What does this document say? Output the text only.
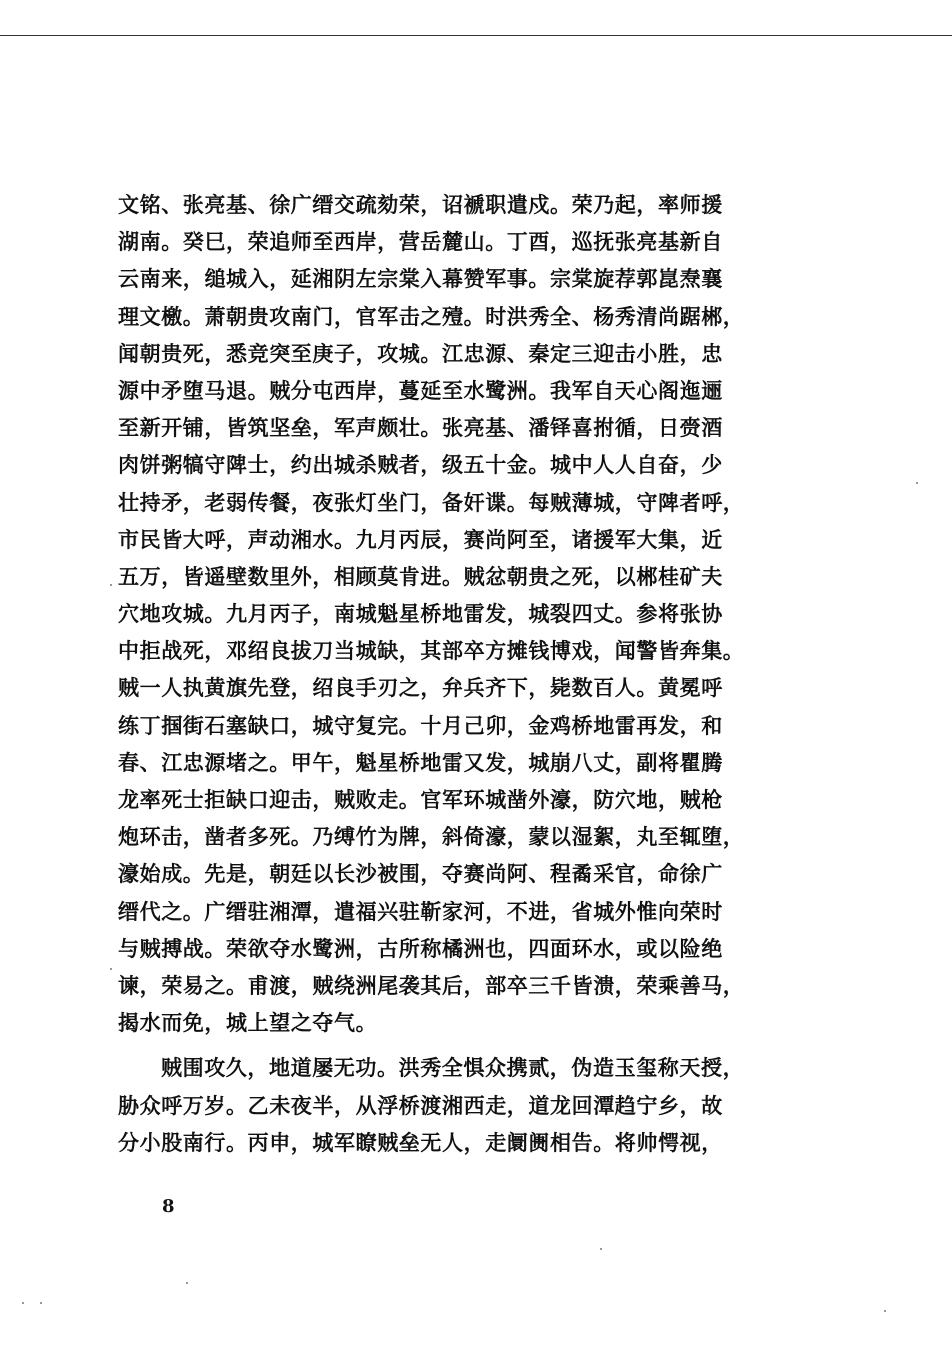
文铭、张亮基、徐广缙交疏劾荣，诏褫职遣戍。荣乃起，率师援
湖南。癸巳，荣追师至西岸，营岳麓山。丁酉，巡抚张亮基新自
云南来，缒城入，延湘阴左宗棠入幕赞军事。宗棠旋荐郭崑焘襄
理文檄。萧朝贵攻南门，官军击之殪。时洪秀全、杨秀清尚踞郴，
闻朝贵死，悉竞突至庚子，攻城。江忠源、秦定三迎击小胜，忠
源中矛堕马退。贼分屯西岸，蔓延至水鹭洲。我军自天心阁迤逦
至新开铺，皆筑坚垒，军声颇壮。张亮基、潘铎喜拊循，日赍酒
肉饼粥犒守陴士，约出城杀贼者，级五十金。城中人人自奋，少
壮持矛，老弱传餐，夜张灯坐门，备奸谍。每贼薄城，守陴者呼，
市民皆大呼，声动湘水。九月丙辰，赛尚阿至，诸援军大集，近
五万，皆遥壁数里外，相顾莫肯进。贼忿朝贵之死，以郴桂矿夫
穴地攻城。九月丙子，南城魁星桥地雷发，城裂四丈。参将张协
中拒战死，邓绍良拔刀当城缺，其部卒方摊钱博戏，闻警皆奔集。
贼一人执黄旗先登，绍良手刃之，弁兵齐下，毙数百人。黄冕呼
练丁掴街石塞缺口，城守复完。十月己卯，金鸡桥地雷再发，和
春、江忠源堵之。甲午，魁星桥地雷又发，城崩八丈，副将瞿腾
龙率死士拒缺口迎击，贼败走。官军环城凿外濠，防穴地，贼枪
炮环击，凿者多死。乃缚竹为牌，斜倚濠，蒙以湿絮，丸至辄堕，
濠始成。先是，朝廷以长沙被围，夺赛尚阿、程矞采官，命徐广
缙代之。广缙驻湘潭，遣福兴驻靳家河，不进，省城外惟向荣时
与贼搏战。荣欲夺水鹭洲，古所称橘洲也，四面环水，或以险绝
谏，荣易之。甫渡，贼绕洲尾袭其后，部卒三千皆溃，荣乘善马，
揭水而免，城上望之夺气。
贼围攻久，地道屡无功。洪秀全惧众携贰，伪造玉玺称天授，
胁众呼万岁。乙未夜半，从浮桥渡湘西走，道龙回潭趋宁乡，故
分小股南行。丙申，城军瞭贼垒无人，走阛阓相告。将帅愕视，
8
